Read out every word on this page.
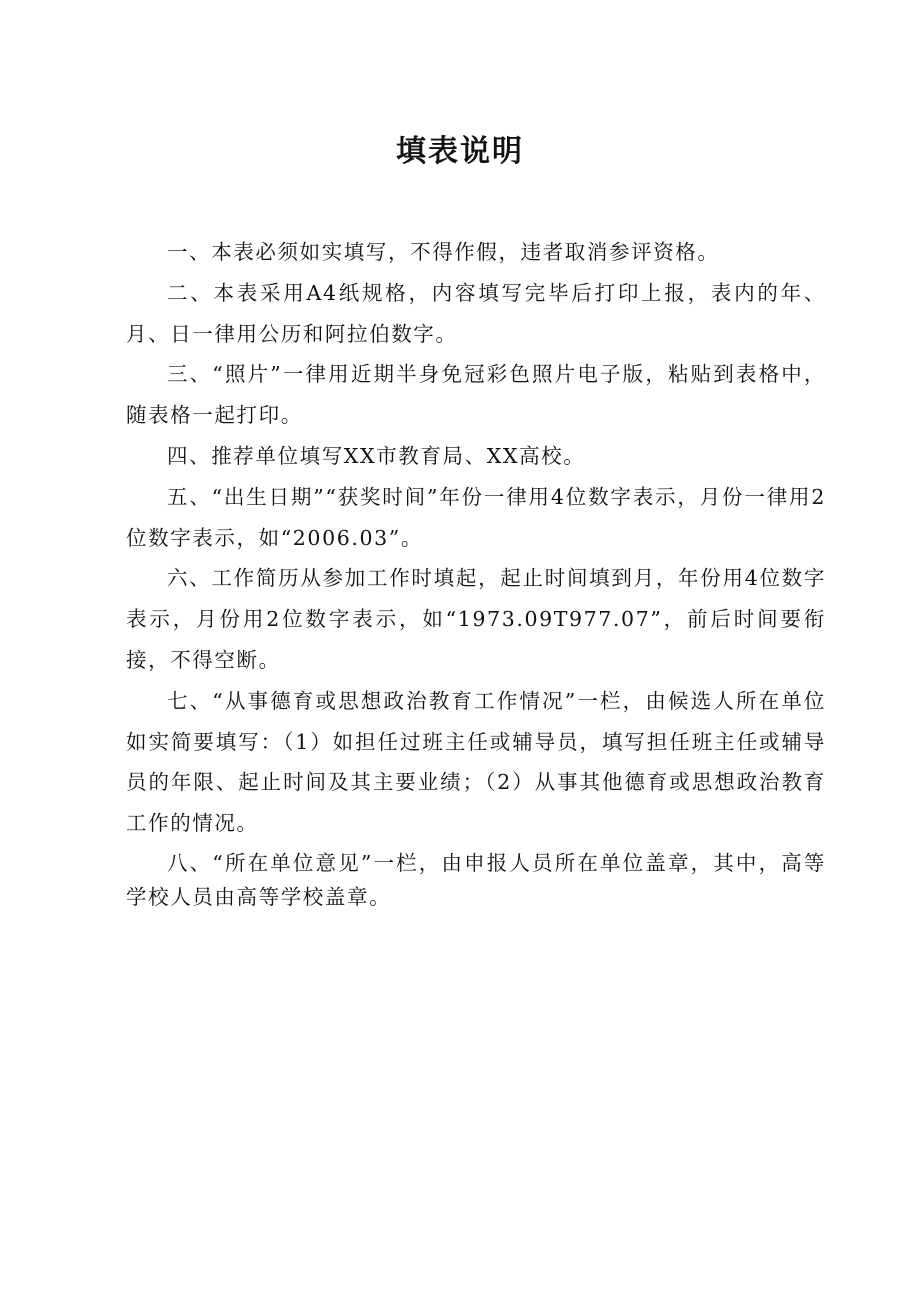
填表说明

一、本表必须如实填写，不得作假，违者取消参评资格。

二、本表采用A4纸规格，内容填写完毕后打印上报，表内的年、月、日一律用公历和阿拉伯数字。

三、“照片”一律用近期半身免冠彩色照片电子版，粘贴到表格中，随表格一起打印。

四、推荐单位填写XX市教育局、XX高校。

五、“出生日期”“获奖时间”年份一律用4位数字表示，月份一律用2位数字表示，如“2006.03”。

六、工作简历从参加工作时填起，起止时间填到月，年份用4位数字表示，月份用2位数字表示，如“1973.09T977.07”，前后时间要衔接，不得空断。

七、“从事德育或思想政治教育工作情况”一栏，由候选人所在单位如实简要填写：（1）如担任过班主任或辅导员，填写担任班主任或辅导员的年限、起止时间及其主要业绩；（2）从事其他德育或思想政治教育工作的情况。

八、“所在单位意见”一栏，由申报人员所在单位盖章，其中，高等学校人员由高等学校盖章。
